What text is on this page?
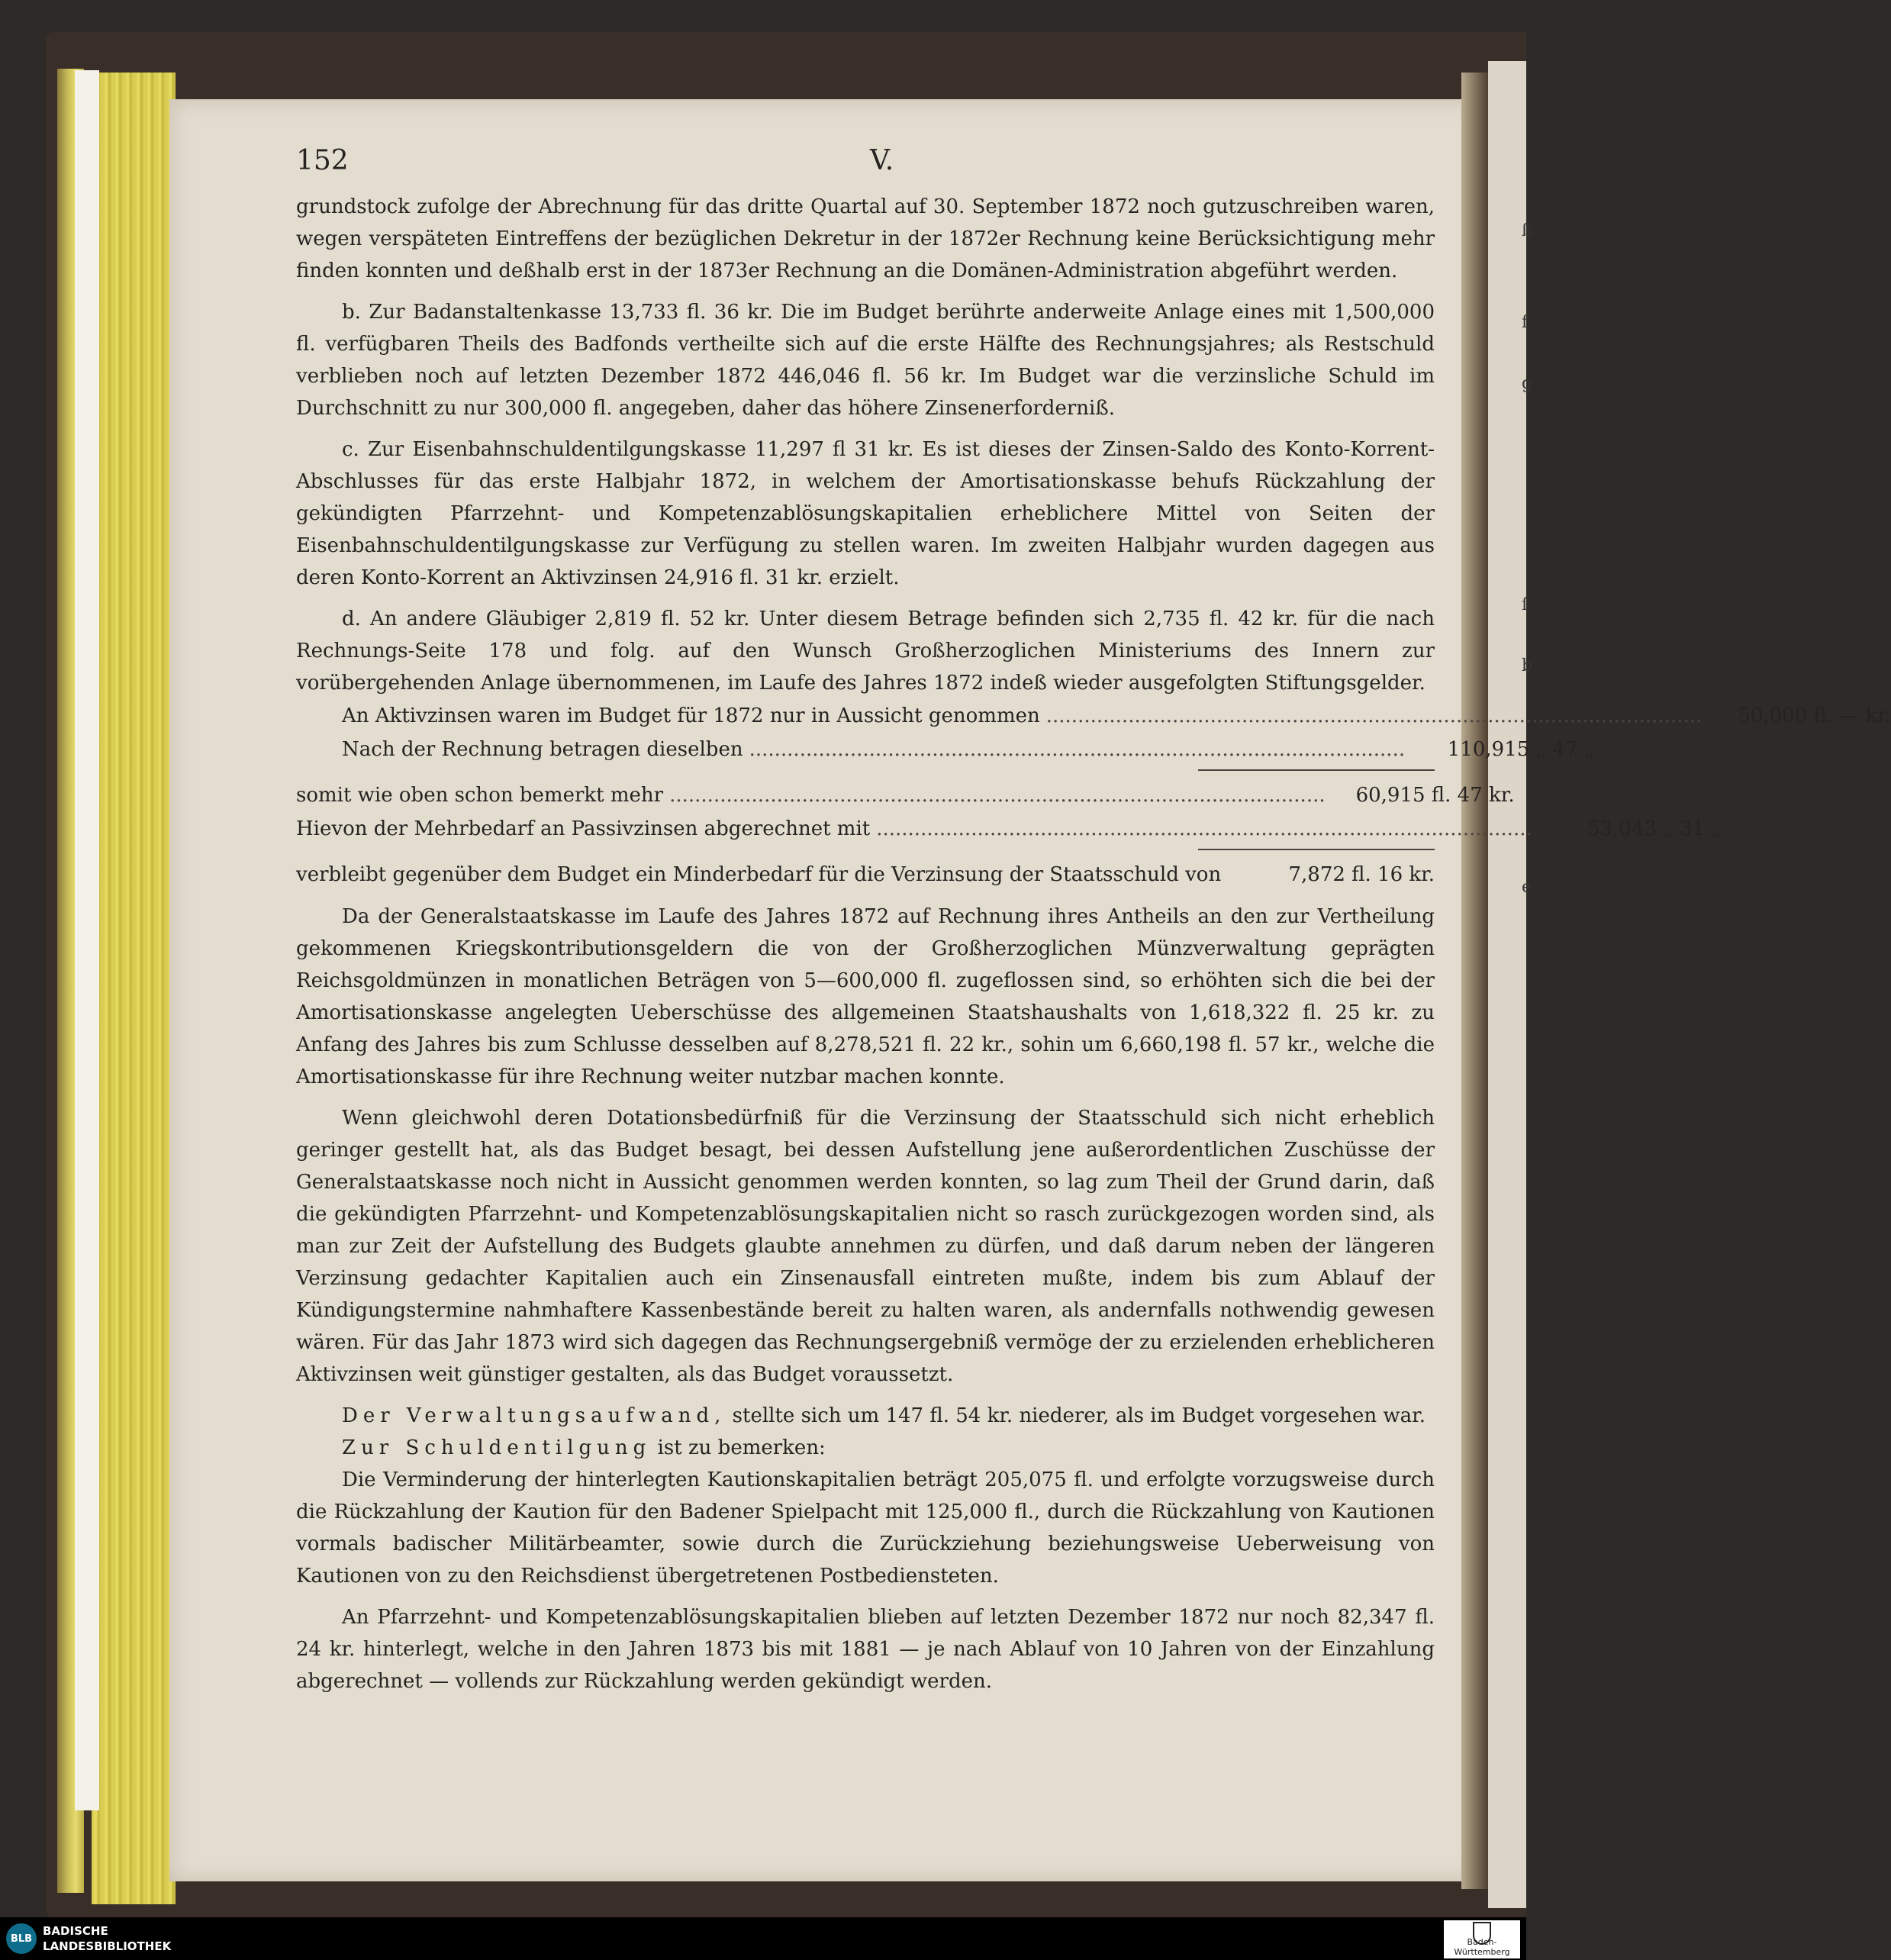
ß
f
g
ſ
b
e
152	V.

grundstock zufolge der Abrechnung für das dritte Quartal auf 30. September 1872 noch gutzuschreiben waren, wegen verspäteten Eintreffens der bezüglichen Dekretur in der 1872er Rechnung keine Berücksichtigung mehr finden konnten und deßhalb erst in der 1873er Rechnung an die Domänen-Administration abgeführt werden.

b. Zur Badanstaltenkasse 13,733 fl. 36 kr. Die im Budget berührte anderweite Anlage eines mit 1,500,000 fl. verfügbaren Theils des Badfonds vertheilte sich auf die erste Hälfte des Rechnungsjahres; als Restschuld verblieben noch auf letzten Dezember 1872 446,046 fl. 56 kr. Im Budget war die verzinsliche Schuld im Durchschnitt zu nur 300,000 fl. angegeben, daher das höhere Zinsenerforderniß.

c. Zur Eisenbahnschuldentilgungskasse 11,297 fl 31 kr. Es ist dieses der Zinsen-Saldo des Konto-Korrent-Abschlusses für das erste Halbjahr 1872, in welchem der Amortisationskasse behufs Rückzahlung der gekündigten Pfarrzehnt- und Kompetenzablösungskapitalien erheblichere Mittel von Seiten der Eisenbahnschuldentilgungskasse zur Verfügung zu stellen waren. Im zweiten Halbjahr wurden dagegen aus deren Konto-Korrent an Aktivzinsen 24,916 fl. 31 kr. erzielt.

d. An andere Gläubiger 2,819 fl. 52 kr. Unter diesem Betrage befinden sich 2,735 fl. 42 kr. für die nach Rechnungs-Seite 178 und folg. auf den Wunsch Großherzoglichen Ministeriums des Innern zur vorübergehenden Anlage übernommenen, im Laufe des Jahres 1872 indeß wieder ausgefolgten Stiftungsgelder.

An Aktivzinsen waren im Budget für 1872 nur in Aussicht genommen ........................................................................................................	50,000 fl. — kr.
Nach der Rechnung betragen dieselben ........................................................................................................	110,915 „ 47 „
somit wie oben schon bemerkt mehr ........................................................................................................	60,915 fl. 47 kr.
Hievon der Mehrbedarf an Passivzinsen abgerechnet mit ........................................................................................................	53,043 „ 31 „
verbleibt gegenüber dem Budget ein Minderbedarf für die Verzinsung der Staatsschuld von	7,872 fl. 16 kr.

Da der Generalstaatskasse im Laufe des Jahres 1872 auf Rechnung ihres Antheils an den zur Vertheilung gekommenen Kriegskontributionsgeldern die von der Großherzoglichen Münzverwaltung geprägten Reichsgoldmünzen in monatlichen Beträgen von 5—600,000 fl. zugeflossen sind, so erhöhten sich die bei der Amortisationskasse angelegten Ueberschüsse des allgemeinen Staatshaushalts von 1,618,322 fl. 25 kr. zu Anfang des Jahres bis zum Schlusse desselben auf 8,278,521 fl. 22 kr., sohin um 6,660,198 fl. 57 kr., welche die Amortisationskasse für ihre Rechnung weiter nutzbar machen konnte.

Wenn gleichwohl deren Dotationsbedürfniß für die Verzinsung der Staatsschuld sich nicht erheblich geringer gestellt hat, als das Budget besagt, bei dessen Aufstellung jene außerordentlichen Zuschüsse der Generalstaatskasse noch nicht in Aussicht genommen werden konnten, so lag zum Theil der Grund darin, daß die gekündigten Pfarrzehnt- und Kompetenzablösungskapitalien nicht so rasch zurückgezogen worden sind, als man zur Zeit der Aufstellung des Budgets glaubte annehmen zu dürfen, und daß darum neben der längeren Verzinsung gedachter Kapitalien auch ein Zinsenausfall eintreten mußte, indem bis zum Ablauf der Kündigungstermine nahmhaftere Kassenbestände bereit zu halten waren, als andernfalls nothwendig gewesen wären. Für das Jahr 1873 wird sich dagegen das Rechnungsergebniß vermöge der zu erzielenden erheblicheren Aktivzinsen weit günstiger gestalten, als das Budget voraussetzt.

Der Verwaltungsaufwand, stellte sich um 147 fl. 54 kr. niederer, als im Budget vorgesehen war.

Zur Schuldentilgung ist zu bemerken:

Die Verminderung der hinterlegten Kautionskapitalien beträgt 205,075 fl. und erfolgte vorzugsweise durch die Rückzahlung der Kaution für den Badener Spielpacht mit 125,000 fl., durch die Rückzahlung von Kautionen vormals badischer Militärbeamter, sowie durch die Zurückziehung beziehungsweise Ueberweisung von Kautionen von zu den Reichsdienst übergetretenen Postbediensteten.

An Pfarrzehnt- und Kompetenzablösungskapitalien blieben auf letzten Dezember 1872 nur noch 82,347 fl. 24 kr. hinterlegt, welche in den Jahren 1873 bis mit 1881 — je nach Ablauf von 10 Jahren von der Einzahlung abgerechnet — vollends zur Rückzahlung werden gekündigt werden.

BLB
BADISCHE
LANDESBIBLIOTHEK	Baden-Württemberg
